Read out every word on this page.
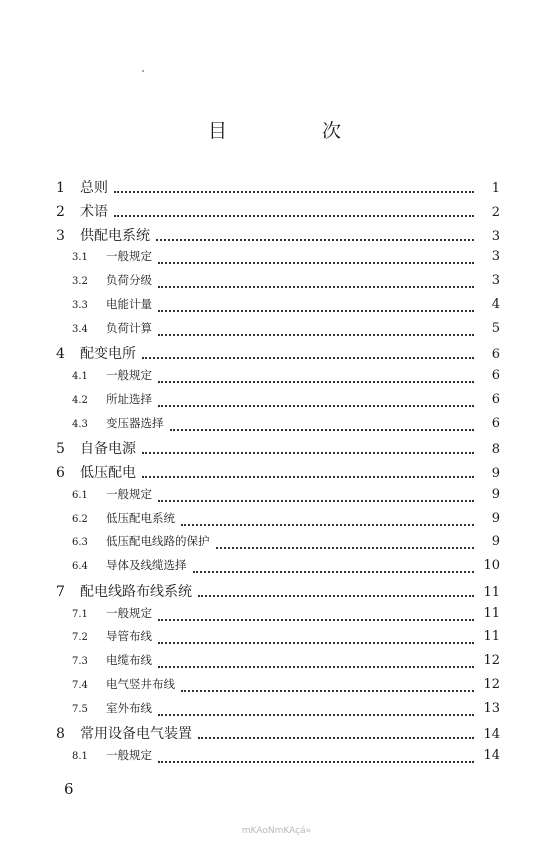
目　次
1	总则	1
2	术语	2
3	供配电系统	3
3.1	一般规定	3
3.2	负荷分级	3
3.3	电能计量	4
3.4	负荷计算	5
4	配变电所	6
4.1	一般规定	6
4.2	所址选择	6
4.3	变压器选择	6
5	自备电源	8
6	低压配电	9
6.1	一般规定	9
6.2	低压配电系统	9
6.3	低压配电线路的保护	9
6.4	导体及线缆选择	10
7	配电线路布线系统	11
7.1	一般规定	11
7.2	导管布线	11
7.3	电缆布线	12
7.4	电气竖井布线	12
7.5	室外布线	13
8	常用设备电气装置	14
8.1	一般规定	14
6
mKAoNmKAçá»
